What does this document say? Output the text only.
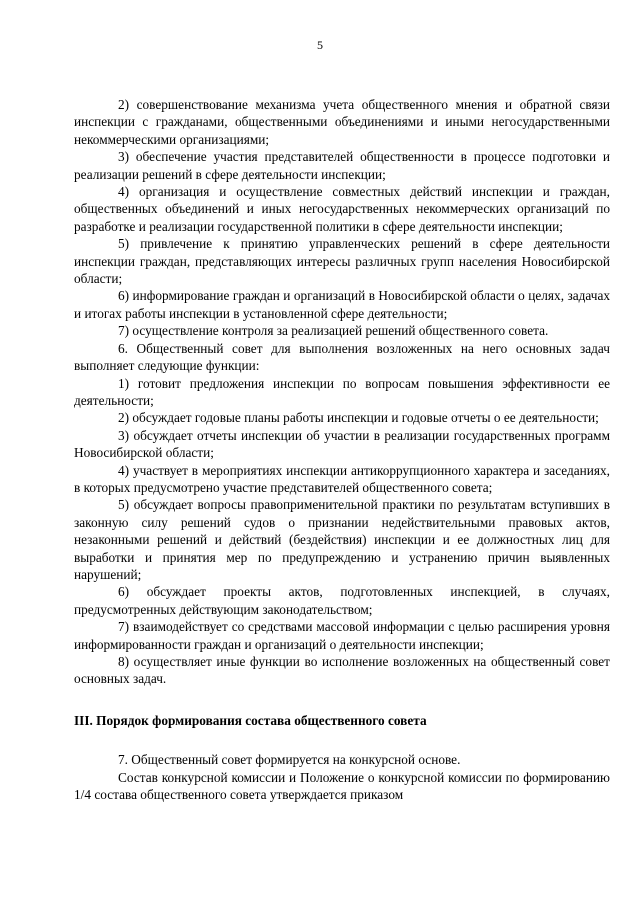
5

2) совершенствование механизма учета общественного мнения и обратной связи инспекции с гражданами, общественными объединениями и иными негосударственными некоммерческими организациями;

3) обеспечение участия представителей общественности в процессе подготовки и реализации решений в сфере деятельности инспекции;

4) организация и осуществление совместных действий инспекции и граждан, общественных объединений и иных негосударственных некоммерческих организаций по разработке и реализации государственной политики в сфере деятельности инспекции;

5) привлечение к принятию управленческих решений в сфере деятельности инспекции граждан, представляющих интересы различных групп населения Новосибирской области;

6) информирование граждан и организаций в Новосибирской области о целях, задачах и итогах работы инспекции в установленной сфере деятельности;

7) осуществление контроля за реализацией решений общественного совета.

6. Общественный совет для выполнения возложенных на него основных задач выполняет следующие функции:

1) готовит предложения инспекции по вопросам повышения эффективности ее деятельности;

2) обсуждает годовые планы работы инспекции и годовые отчеты о ее деятельности;

3) обсуждает отчеты инспекции об участии в реализации государственных программ Новосибирской области;

4) участвует в мероприятиях инспекции антикоррупционного характера и заседаниях, в которых предусмотрено участие представителей общественного совета;

5) обсуждает вопросы правоприменительной практики по результатам вступивших в законную силу решений судов о признании недействительными правовых актов, незаконными решений и действий (бездействия) инспекции и ее должностных лиц для выработки и принятия мер по предупреждению и устранению причин выявленных нарушений;

6) обсуждает проекты актов, подготовленных инспекцией, в случаях, предусмотренных действующим законодательством;

7) взаимодействует со средствами массовой информации с целью расширения уровня информированности граждан и организаций о деятельности инспекции;

8) осуществляет иные функции во исполнение возложенных на общественный совет основных задач.

III. Порядок формирования состава общественного совета

7. Общественный совет формируется на конкурсной основе.

Состав конкурсной комиссии и Положение о конкурсной комиссии по формированию 1/4 состава общественного совета утверждается приказом
